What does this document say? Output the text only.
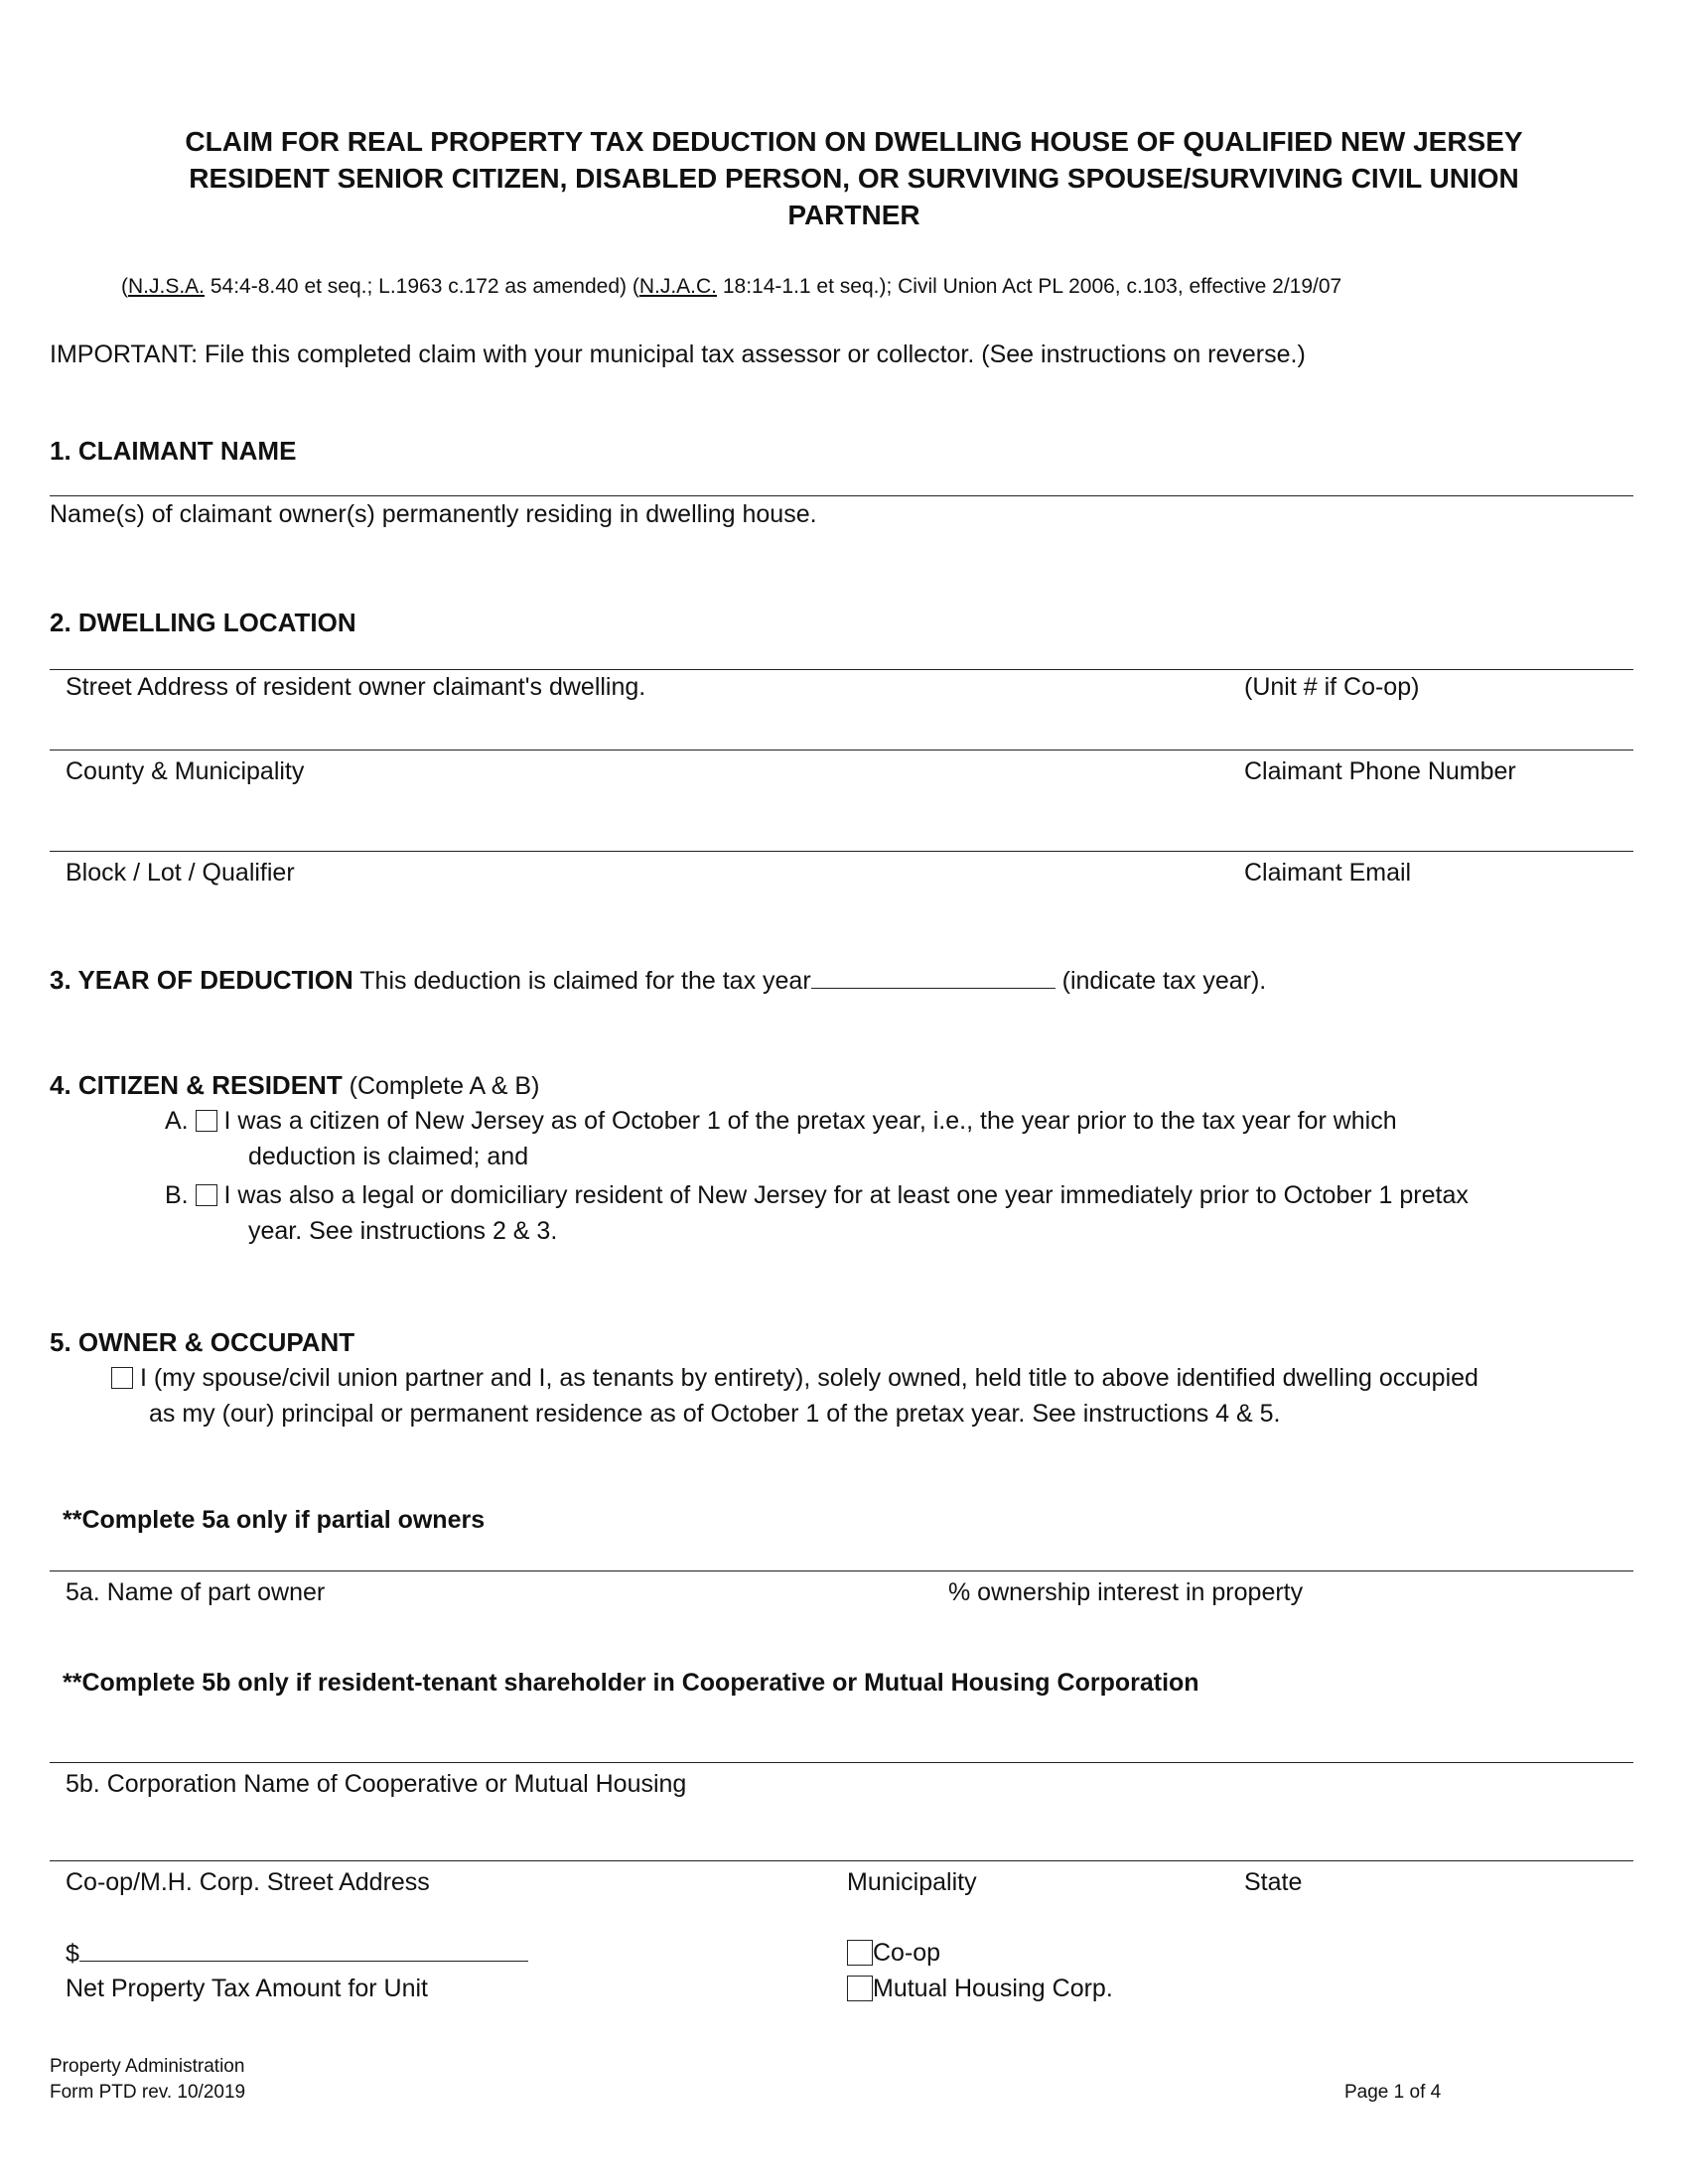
CLAIM FOR REAL PROPERTY TAX DEDUCTION ON DWELLING HOUSE OF QUALIFIED NEW JERSEY
RESIDENT SENIOR CITIZEN, DISABLED PERSON, OR SURVIVING SPOUSE/SURVIVING CIVIL UNION
PARTNER
(N.J.S.A. 54:4-8.40 et seq.; L.1963 c.172 as amended) (N.J.A.C. 18:14-1.1 et seq.); Civil Union Act PL 2006, c.103, effective 2/19/07
IMPORTANT: File this completed claim with your municipal tax assessor or collector. (See instructions on reverse.)
1. CLAIMANT NAME
Name(s) of claimant owner(s) permanently residing in dwelling house.
2. DWELLING LOCATION
Street Address of resident owner claimant's dwelling.	(Unit # if Co-op)
County & Municipality	Claimant Phone Number
Block / Lot / Qualifier	Claimant Email
3. YEAR OF DEDUCTION This deduction is claimed for the tax year	(indicate tax year).
4. CITIZEN & RESIDENT (Complete A & B)
A. I was a citizen of New Jersey as of October 1 of the pretax year, i.e., the year prior to the tax year for which
deduction is claimed; and
B. I was also a legal or domiciliary resident of New Jersey for at least one year immediately prior to October 1 pretax
year. See instructions 2 & 3.
5. OWNER & OCCUPANT
I (my spouse/civil union partner and I, as tenants by entirety), solely owned, held title to above identified dwelling occupied
as my (our) principal or permanent residence as of October 1 of the pretax year. See instructions 4 & 5.
**Complete 5a only if partial owners
5a. Name of part owner	% ownership interest in property
**Complete 5b only if resident-tenant shareholder in Cooperative or Mutual Housing Corporation
5b. Corporation Name of Cooperative or Mutual Housing
Co-op/M.H. Corp. Street Address	Municipality	State
$
Net Property Tax Amount for Unit
Co-op
Mutual Housing Corp.
Property Administration
Form PTD rev. 10/2019	Page 1 of 4
